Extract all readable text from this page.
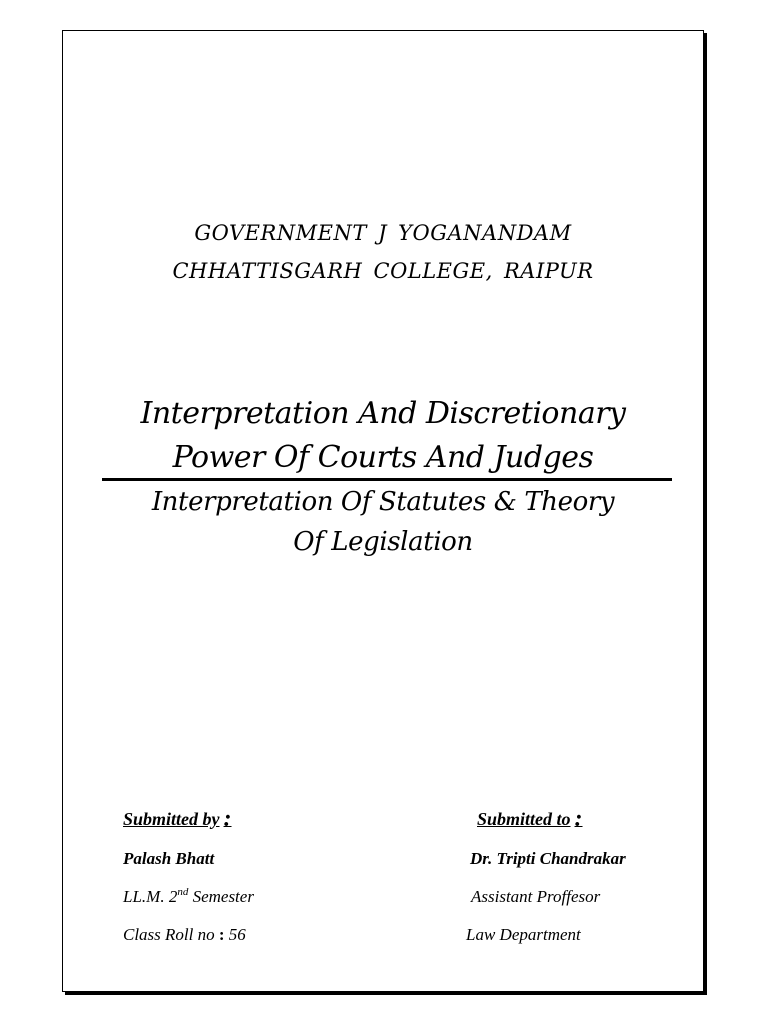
GOVERNMENT J YOGANANDAM
CHHATTISGARH COLLEGE, RAIPUR
Interpretation And Discretionary
Power Of Courts And Judges
Interpretation Of Statutes & Theory
Of Legislation
Submitted by :
Palash Bhatt
LL.M. 2nd Semester
Class Roll no : 56
Submitted to :
Dr. Tripti Chandrakar
Assistant Proffesor
Law Department
